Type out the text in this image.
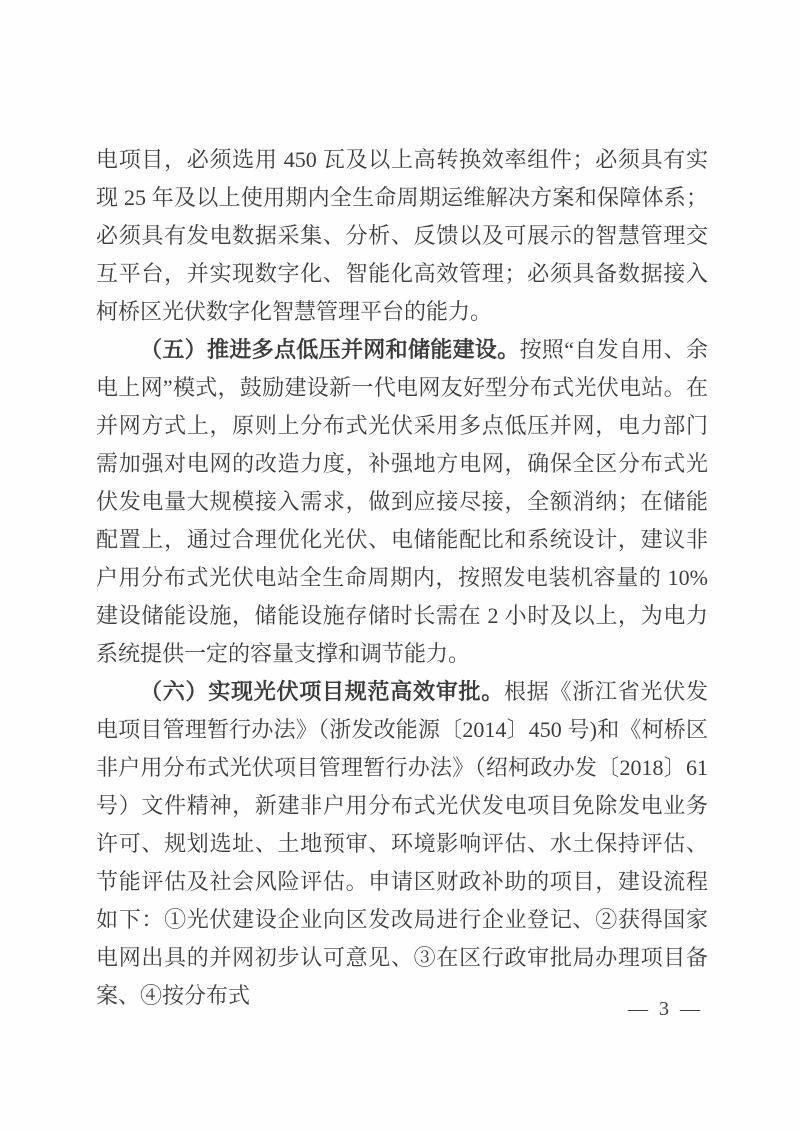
电项目，必须选用 450 瓦及以上高转换效率组件；必须具有实现 25 年及以上使用期内全生命周期运维解决方案和保障体系；必须具有发电数据采集、分析、反馈以及可展示的智慧管理交互平台，并实现数字化、智能化高效管理；必须具备数据接入柯桥区光伏数字化智慧管理平台的能力。

（五）推进多点低压并网和储能建设。按照“自发自用、余电上网”模式，鼓励建设新一代电网友好型分布式光伏电站。在并网方式上，原则上分布式光伏采用多点低压并网，电力部门需加强对电网的改造力度，补强地方电网，确保全区分布式光伏发电量大规模接入需求，做到应接尽接，全额消纳；在储能配置上，通过合理优化光伏、电储能配比和系统设计，建议非户用分布式光伏电站全生命周期内，按照发电装机容量的 10%建设储能设施，储能设施存储时长需在 2 小时及以上，为电力系统提供一定的容量支撑和调节能力。

（六）实现光伏项目规范高效审批。根据《浙江省光伏发电项目管理暂行办法》（浙发改能源〔2014〕450 号)和《柯桥区非户用分布式光伏项目管理暂行办法》（绍柯政办发〔2018〕61 号）文件精神，新建非户用分布式光伏发电项目免除发电业务许可、规划选址、土地预审、环境影响评估、水土保持评估、节能评估及社会风险评估。申请区财政补助的项目，建设流程如下：①光伏建设企业向区发改局进行企业登记、②获得国家电网出具的并网初步认可意见、③在区行政审批局办理项目备案、④按分布式

— 3 —
